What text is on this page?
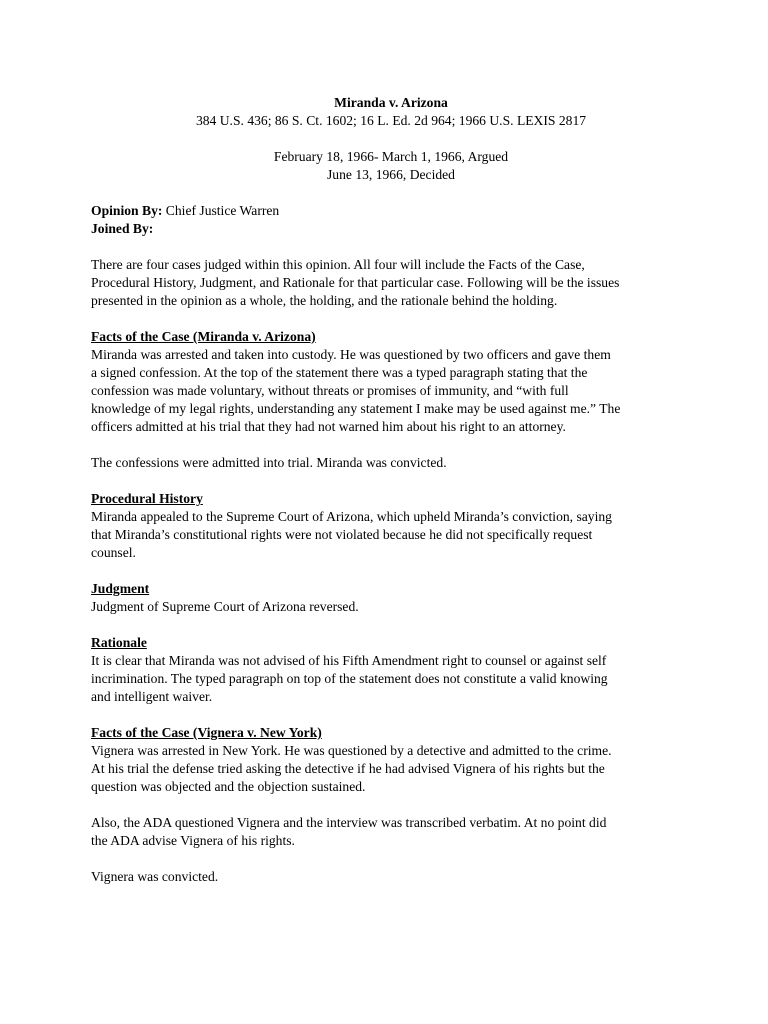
Miranda v. Arizona
384 U.S. 436; 86 S. Ct. 1602; 16 L. Ed. 2d 964; 1966 U.S. LEXIS 2817
February 18, 1966- March 1, 1966, Argued
June 13, 1966, Decided
Opinion By: Chief Justice Warren
Joined By:
There are four cases judged within this opinion. All four will include the Facts of the Case,
Procedural History, Judgment, and Rationale for that particular case. Following will be the issues
presented in the opinion as a whole, the holding, and the rationale behind the holding.
Facts of the Case (Miranda v. Arizona)
Miranda was arrested and taken into custody. He was questioned by two officers and gave them
a signed confession. At the top of the statement there was a typed paragraph stating that the
confession was made voluntary, without threats or promises of immunity, and “with full
knowledge of my legal rights, understanding any statement I make may be used against me.” The
officers admitted at his trial that they had not warned him about his right to an attorney.
The confessions were admitted into trial. Miranda was convicted.
Procedural History
Miranda appealed to the Supreme Court of Arizona, which upheld Miranda’s conviction, saying
that Miranda’s constitutional rights were not violated because he did not specifically request
counsel.
Judgment
Judgment of Supreme Court of Arizona reversed.
Rationale
It is clear that Miranda was not advised of his Fifth Amendment right to counsel or against self
incrimination. The typed paragraph on top of the statement does not constitute a valid knowing
and intelligent waiver.
Facts of the Case (Vignera v. New York)
Vignera was arrested in New York. He was questioned by a detective and admitted to the crime.
At his trial the defense tried asking the detective if he had advised Vignera of his rights but the
question was objected and the objection sustained.
Also, the ADA questioned Vignera and the interview was transcribed verbatim. At no point did
the ADA advise Vignera of his rights.
Vignera was convicted.
